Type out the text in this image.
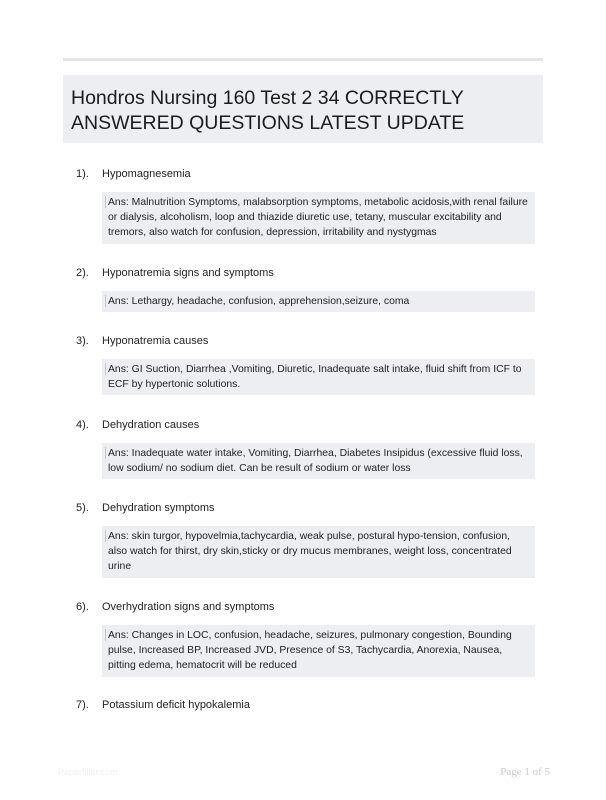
Hondros Nursing 160 Test 2 34 CORRECTLY ANSWERED QUESTIONS LATEST UPDATE
1). Hypomagnesemia
Ans: Malnutrition Symptoms, malabsorption symptoms, metabolic acidosis,with renal failure or dialysis, alcoholism, loop and thiazide diuretic use, tetany, muscular excitability and tremors, also watch for confusion, depression, irritability and nystygmas
2). Hyponatremia signs and symptoms
Ans: Lethargy, headache, confusion, apprehension,seizure, coma
3). Hyponatremia causes
Ans: GI Suction, Diarrhea ,Vomiting, Diuretic, Inadequate salt intake, fluid shift from ICF to ECF by hypertonic solutions.
4). Dehydration causes
Ans: Inadequate water intake, Vomiting, Diarrhea, Diabetes Insipidus (excessive fluid loss, low sodium/ no sodium diet. Can be result of sodium or water loss
5). Dehydration symptoms
Ans: skin turgor, hypovelmia,tachycardia, weak pulse, postural hypo-tension, confusion, also watch for thirst, dry skin,sticky or dry mucus membranes, weight loss, concentrated urine
6). Overhydration signs and symptoms
Ans: Changes in LOC, confusion, headache, seizures, pulmonary congestion, Bounding pulse, Increased BP, Increased JVD, Presence of S3, Tachycardia, Anorexia, Nausea, pitting edema, hematocrit will be reduced
7). Potassium deficit hypokalemia
Paperfiller.com	Page 1 of 5
